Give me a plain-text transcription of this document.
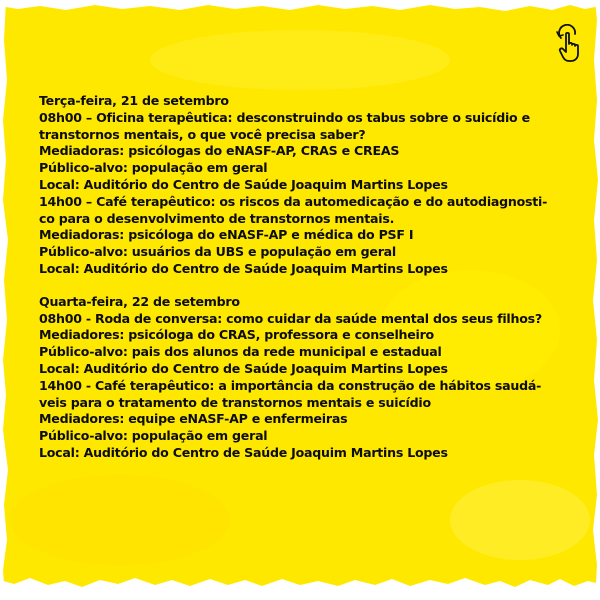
Terça-feira, 21 de setembro
08h00 – Oficina terapêutica: desconstruindo os tabus sobre o suicídio e
transtornos mentais, o que você precisa saber?
Mediadoras: psicólogas do eNASF-AP, CRAS e CREAS
Público-alvo: população em geral
Local: Auditório do Centro de Saúde Joaquim Martins Lopes
14h00 – Café terapêutico: os riscos da automedicação e do autodiagnosti-
co para o desenvolvimento de transtornos mentais.
Mediadoras: psicóloga do eNASF-AP e médica do PSF I
Público-alvo: usuários da UBS e população em geral
Local: Auditório do Centro de Saúde Joaquim Martins Lopes
Quarta-feira, 22 de setembro
08h00 - Roda de conversa: como cuidar da saúde mental dos seus filhos?
Mediadores: psicóloga do CRAS, professora e conselheiro
Público-alvo: pais dos alunos da rede municipal e estadual
Local: Auditório do Centro de Saúde Joaquim Martins Lopes
14h00 - Café terapêutico: a importância da construção de hábitos saudá-
veis para o tratamento de transtornos mentais e suicídio
Mediadores: equipe eNASF-AP e enfermeiras
Público-alvo: população em geral
Local: Auditório do Centro de Saúde Joaquim Martins Lopes
